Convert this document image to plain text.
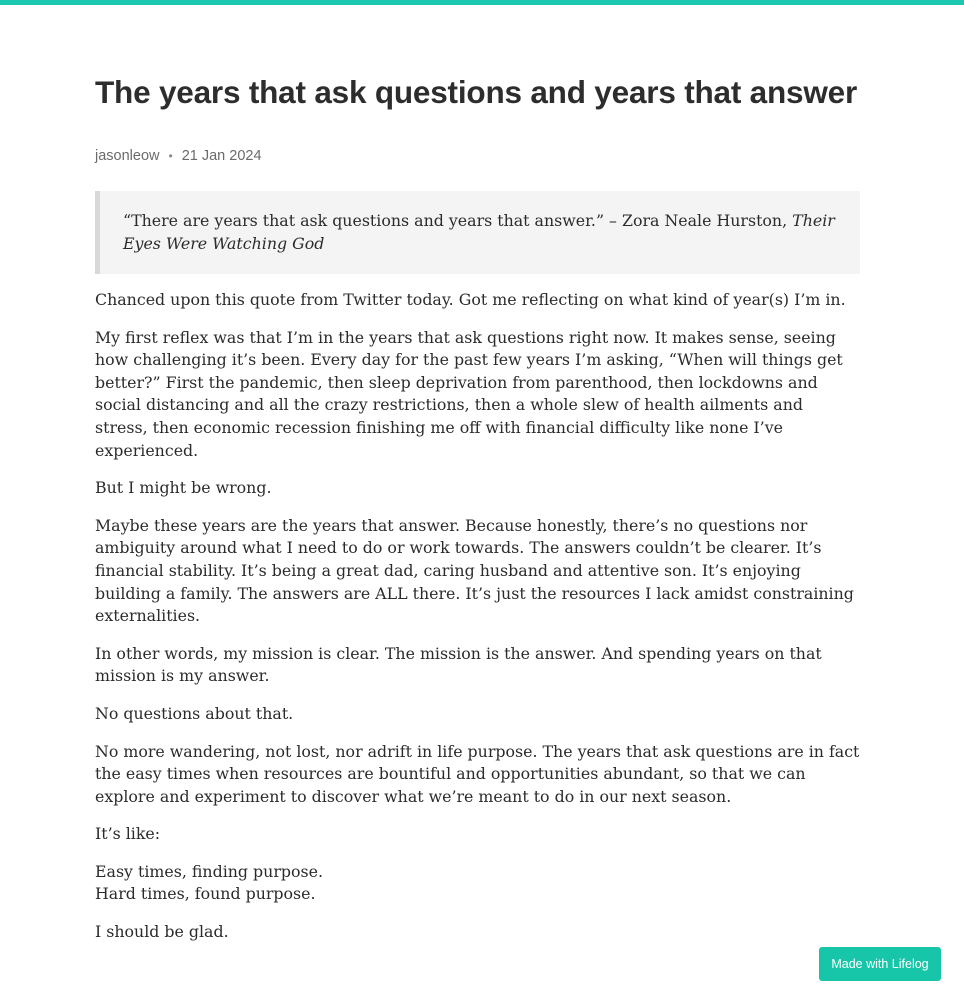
The years that ask questions and years that answer
jasonleow • 21 Jan 2024
“There are years that ask questions and years that answer.” – Zora Neale Hurston, Their Eyes Were Watching God

Chanced upon this quote from Twitter today. Got me reflecting on what kind of year(s) I’m in.

My first reflex was that I’m in the years that ask questions right now. It makes sense, seeing how challenging it’s been. Every day for the past few years I’m asking, “When will things get better?” First the pandemic, then sleep deprivation from parenthood, then lockdowns and social distancing and all the crazy restrictions, then a whole slew of health ailments and stress, then economic recession finishing me off with financial difficulty like none I’ve experienced.

But I might be wrong.

Maybe these years are the years that answer. Because honestly, there’s no questions nor ambiguity around what I need to do or work towards. The answers couldn’t be clearer. It’s financial stability. It’s being a great dad, caring husband and attentive son. It’s enjoying building a family. The answers are ALL there. It’s just the resources I lack amidst constraining externalities.

In other words, my mission is clear. The mission is the answer. And spending years on that mission is my answer.

No questions about that.

No more wandering, not lost, nor adrift in life purpose. The years that ask questions are in fact the easy times when resources are bountiful and opportunities abundant, so that we can explore and experiment to discover what we’re meant to do in our next season.

It’s like:

Easy times, finding purpose.
Hard times, found purpose.

I should be glad.

Made with Lifelog
